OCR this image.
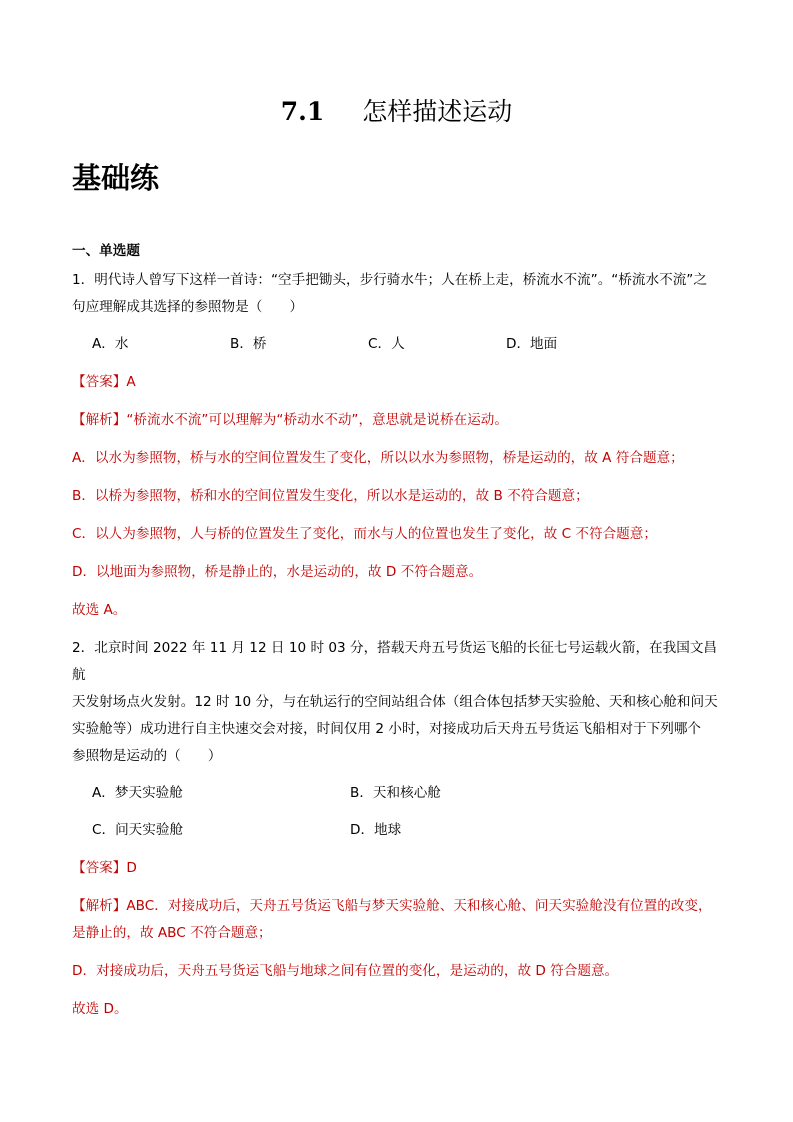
7.1 怎样描述运动
基础练

一、单选题

1．明代诗人曾写下这样一首诗：“空手把锄头，步行骑水牛；人在桥上走，桥流水不流”。“桥流水不流”之

句应理解成其选择的参照物是（　　）

A．水	B．桥	C．人	D．地面

【答案】A

【解析】“桥流水不流”可以理解为“桥动水不动”，意思就是说桥在运动。

A．以水为参照物，桥与水的空间位置发生了变化，所以以水为参照物，桥是运动的，故 A 符合题意；

B．以桥为参照物，桥和水的空间位置发生变化，所以水是运动的，故 B 不符合题意；

C．以人为参照物，人与桥的位置发生了变化，而水与人的位置也发生了变化，故 C 不符合题意；

D．以地面为参照物，桥是静止的，水是运动的，故 D 不符合题意。

故选 A。

2．北京时间 2022 年 11 月 12 日 10 时 03 分，搭载天舟五号货运飞船的长征七号运载火箭，在我国文昌航

天发射场点火发射。12 时 10 分，与在轨运行的空间站组合体（组合体包括梦天实验舱、天和核心舱和问天

实验舱等）成功进行自主快速交会对接，时间仅用 2 小时，对接成功后天舟五号货运飞船相对于下列哪个

参照物是运动的（　　）

A．梦天实验舱	B．天和核心舱
C．问天实验舱	D．地球

【答案】D

【解析】ABC．对接成功后，天舟五号货运飞船与梦天实验舱、天和核心舱、问天实验舱没有位置的改变，

是静止的，故 ABC 不符合题意；

D．对接成功后，天舟五号货运飞船与地球之间有位置的变化，是运动的，故 D 符合题意。

故选 D。
